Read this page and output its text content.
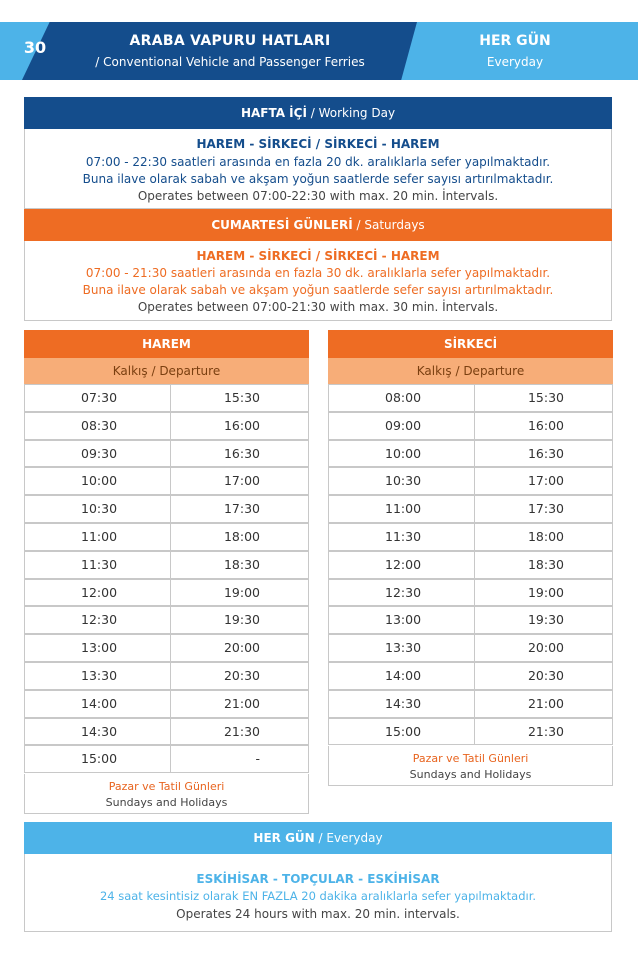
30	ARABA VAPURU HATLARI
/ Conventional Vehicle and Passenger Ferries
HER GÜN
Everyday
HAFTA İÇİ / Working Day
HAREM - SİRKECİ / SİRKECİ - HAREM
07:00 - 22:30 saatleri arasında en fazla 20 dk. aralıklarla sefer yapılmaktadır.
Buna ilave olarak sabah ve akşam yoğun saatlerde sefer sayısı artırılmaktadır.
Operates between 07:00-22:30 with max. 20 min. İntervals.
CUMARTESİ GÜNLERİ / Saturdays
HAREM - SİRKECİ / SİRKECİ - HAREM
07:00 - 21:30 saatleri arasında en fazla 30 dk. aralıklarla sefer yapılmaktadır.
Buna ilave olarak sabah ve akşam yoğun saatlerde sefer sayısı artırılmaktadır.
Operates between 07:00-21:30 with max. 30 min. İntervals.
HAREM
Kalkış / Departure
07:30	15:30
08:30	16:00
09:30	16:30
10:00	17:00
10:30	17:30
11:00	18:00
11:30	18:30
12:00	19:00
12:30	19:30
13:00	20:00
13:30	20:30
14:00	21:00
14:30	21:30
15:00	-
Pazar ve Tatil Günleri
Sundays and Holidays
SİRKECİ
Kalkış / Departure
08:00	15:30
09:00	16:00
10:00	16:30
10:30	17:00
11:00	17:30
11:30	18:00
12:00	18:30
12:30	19:00
13:00	19:30
13:30	20:00
14:00	20:30
14:30	21:00
15:00	21:30
Pazar ve Tatil Günleri
Sundays and Holidays
HER GÜN / Everyday
ESKİHİSAR - TOPÇULAR - ESKİHİSAR
24 saat kesintisiz olarak EN FAZLA 20 dakika aralıklarla sefer yapılmaktadır.
Operates 24 hours with max. 20 min. intervals.
